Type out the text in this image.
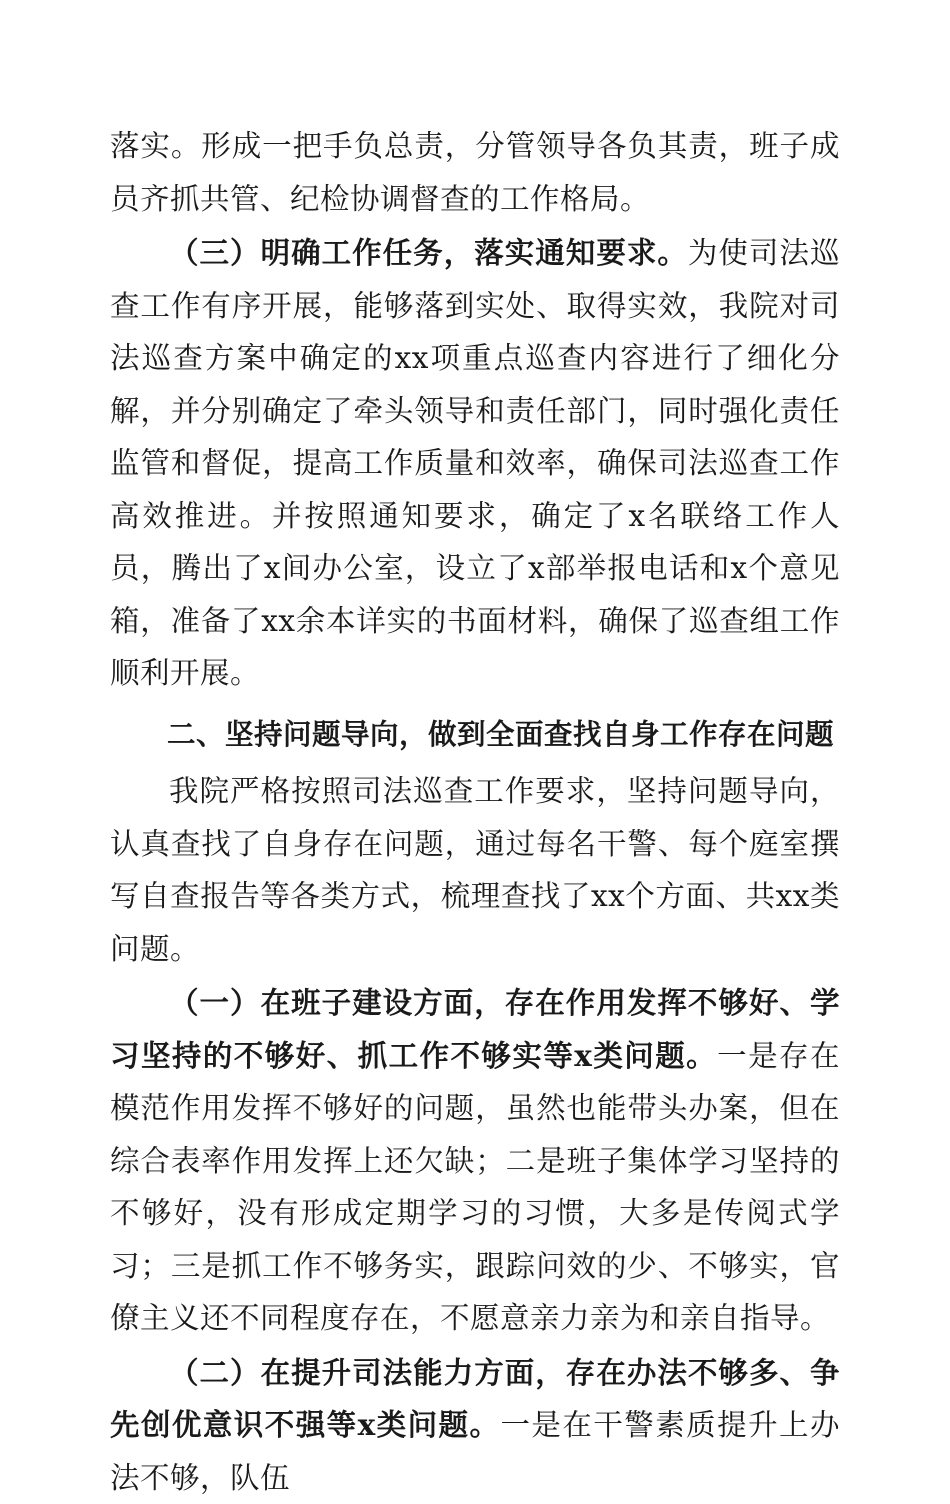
落实。形成一把手负总责，分管领导各负其责，班子成员齐抓共管、纪检协调督查的工作格局。

（三）明确工作任务，落实通知要求。为使司法巡查工作有序开展，能够落到实处、取得实效，我院对司法巡查方案中确定的xx项重点巡查内容进行了细化分解，并分别确定了牵头领导和责任部门，同时强化责任监管和督促，提高工作质量和效率，确保司法巡查工作高效推进。并按照通知要求，确定了x名联络工作人员，腾出了x间办公室，设立了x部举报电话和x个意见箱，准备了xx余本详实的书面材料，确保了巡查组工作顺利开展。

二、坚持问题导向，做到全面查找自身工作存在问题

我院严格按照司法巡查工作要求，坚持问题导向，认真查找了自身存在问题，通过每名干警、每个庭室撰写自查报告等各类方式，梳理查找了xx个方面、共xx类问题。

（一）在班子建设方面，存在作用发挥不够好、学习坚持的不够好、抓工作不够实等x类问题。一是存在模范作用发挥不够好的问题，虽然也能带头办案，但在综合表率作用发挥上还欠缺；二是班子集体学习坚持的不够好，没有形成定期学习的习惯，大多是传阅式学习；三是抓工作不够务实，跟踪问效的少、不够实，官僚主义还不同程度存在，不愿意亲力亲为和亲自指导。

（二）在提升司法能力方面，存在办法不够多、争先创优意识不强等x类问题。一是在干警素质提升上办法不够，队伍
